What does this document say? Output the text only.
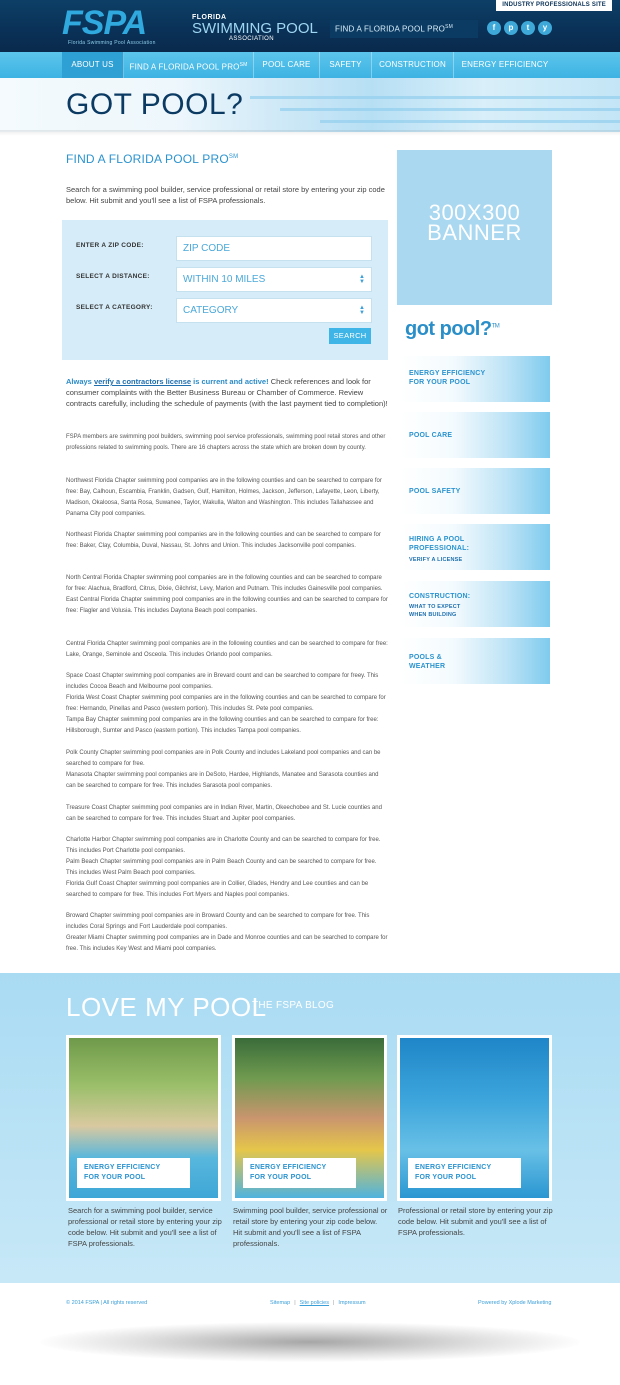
INDUSTRY PROFESSIONALS SITE
FSPA
Florida Swimming Pool Association
FLORIDA
SWIMMING POOL
ASSOCIATION
FIND A FLORIDA POOL PRO℠	f	p	t	y
ABOUT US	FIND A FLORIDA POOL PRO℠	POOL CARE	SAFETY	CONSTRUCTION	ENERGY EFFICIENCY
GOT POOL?
FIND A FLORIDA POOL PRO℠
Search for a swimming pool builder, service professional or retail store by entering your zip code below. Hit submit and you'll see a list of FSPA professionals.
ENTER A ZIP CODE:	ZIP CODE
SELECT A DISTANCE:	WITHIN 10 MILES	▲
▼
SELECT A CATEGORY:	CATEGORY	▲
▼
SEARCH
Always verify a contractors license is current and active! Check references and look for consumer complaints with the Better Business Bureau or Chamber of Commerce. Review contracts carefully, including the schedule of payments (with the last payment tied to completion)!
FSPA members are swimming pool builders, swimming pool service professionals, swimming pool retail stores and other professions related to swimming pools. There are 16 chapters across the state which are broken down by county.
Northwest Florida Chapter swimming pool companies are in the following counties and can be searched to compare for free: Bay, Calhoun, Escambia, Franklin, Gadsen, Gulf, Hamilton, Holmes, Jackson, Jefferson, Lafayette, Leon, Liberty, Madison, Okaloosa, Santa Rosa, Suwanee, Taylor, Wakulla, Walton and Washington. This includes Tallahassee and Panama City pool companies.
Northeast Florida Chapter swimming pool companies are in the following counties and can be searched to compare for free: Baker, Clay, Columbia, Duval, Nassau, St. Johns and Union. This includes Jacksonville pool companies.
North Central Florida Chapter swimming pool companies are in the following counties and can be searched to compare for free: Alachua, Bradford, Citrus, Dixie, Gilchrist, Levy, Marion and Putnam. This includes Gainesville pool companies.
East Central Florida Chapter swimming pool companies are in the following counties and can be searched to compare for free: Flagler and Volusia. This includes Daytona Beach pool companies.
Central Florida Chapter swimming pool companies are in the following counties and can be searched to compare for free: Lake, Orange, Seminole and Osceola. This includes Orlando pool companies.
Space Coast Chapter swimming pool companies are in Brevard count and can be searched to compare for freey. This includes Cocoa Beach and Melbourne pool companies.
Florida West Coast Chapter swimming pool companies are in the following counties and can be searched to compare for free: Hernando, Pinellas and Pasco (western portion). This includes St. Pete pool companies.
Tampa Bay Chapter swimming pool companies are in the following counties and can be searched to compare for free: Hillsborough, Sumter and Pasco (eastern portion). This includes Tampa pool companies.
Polk County Chapter swimming pool companies are in Polk County and includes Lakeland pool companies and can be searched to compare for free.
Manasota Chapter swimming pool companies are in DeSoto, Hardee, Highlands, Manatee and Sarasota counties and can be searched to compare for free. This includes Sarasota pool companies.
Treasure Coast Chapter swimming pool companies are in Indian River, Martin, Okeechobee and St. Lucie counties and can be searched to compare for free. This includes Stuart and Jupiter pool companies.
Charlotte Harbor Chapter swimming pool companies are in Charlotte County and can be searched to compare for free. This includes Port Charlotte pool companies.
Palm Beach Chapter swimming pool companies are in Palm Beach County and can be searched to compare for free. This includes West Palm Beach pool companies.
Florida Gulf Coast Chapter swimming pool companies are in Collier, Glades, Hendry and Lee counties and can be searched to compare for free. This includes Fort Myers and Naples pool companies.
Broward Chapter swimming pool companies are in Broward County and can be searched to compare for free. This includes Coral Springs and Fort Lauderdale pool companies.
Greater Miami Chapter swimming pool companies are in Dade and Monroe counties and can be searched to compare for free. This includes Key West and Miami pool companies.
300X300 BANNER
got pool?™
ENERGY EFFICIENCY
FOR YOUR POOL
POOL CARE
POOL SAFETY
HIRING A POOL
PROFESSIONAL:
VERIFY A LICENSE
CONSTRUCTION:
WHAT TO EXPECT
WHEN BUILDING
POOLS &
WEATHER
LOVE MY POOL
THE FSPA BLOG
ENERGY EFFICIENCY
FOR YOUR POOL
ENERGY EFFICIENCY
FOR YOUR POOL
ENERGY EFFICIENCY
FOR YOUR POOL
Search for a swimming pool builder, service professional or retail store by entering your zip code below. Hit submit and you'll see a list of FSPA professionals.
Swimming pool builder, service professional or retail store by entering your zip code below. Hit submit and you'll see a list of FSPA professionals.
Professional or retail store by entering your zip code below. Hit submit and you'll see a list of FSPA professionals.
© 2014 FSPA | All rights reserved	Sitemap | Site policies | Impressum	Powered by Xplode Marketing
